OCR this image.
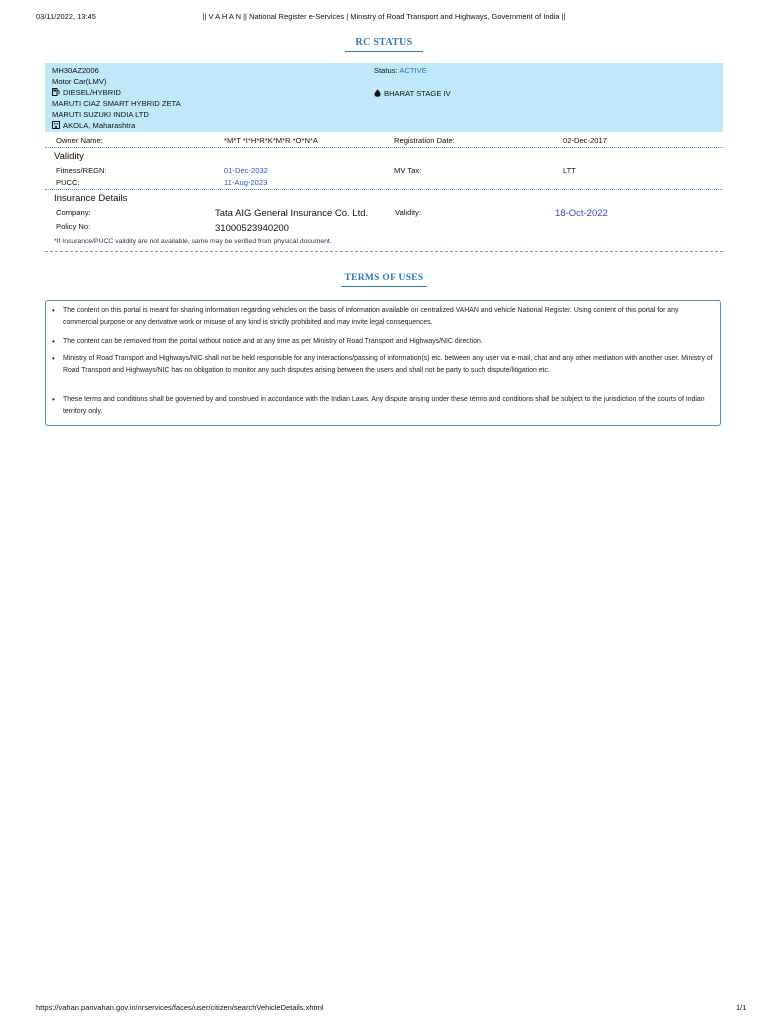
03/11/2022, 13:45	|| V A H A N || National Register e-Services | Ministry of Road Transport and Highways, Government of India ||
RC STATUS
MH30AZ2006
Motor Car(LMV)
DIESEL/HYBRID
MARUTI CIAZ SMART HYBRID ZETA
MARUTI SUZUKI INDIA LTD
AKOLA, Maharashtra
Status: ACTIVE
BHARAT STAGE IV
Owner Name:	*M*T *I*H*R*K*M*R *O*N*A	Registration Date:	02-Dec-2017
Validity
Fitness/REGN:	01-Dec-2032	MV Tax:	LTT
PUCC:	11-Aug-2023
Insurance Details
Company:	Tata AIG General Insurance Co. Ltd.	Validity:	18-Oct-2022
Policy No:	31000523940200
*If Insurance/PUCC validity are not available, same may be verified from physical document.
TERMS OF USES
• The content on this portal is meant for sharing information regarding vehicles on the basis of information available on centralized VAHAN and vehicle National Register. Using content of this portal for any commercial purpose or any derivative work or misuse of any kind is strictly prohibited and may invite legal consequences.
• The content can be removed from the portal without notice and at any time as per Ministry of Road Transport and Highways/NIC direction.
• Ministry of Road Transport and Highways/NIC shall not be held responsible for any interactions/passing of information(s) etc. between any user via e-mail, chat and any other mediation with another user. Ministry of Road Transport and Highways/NIC has no obligation to monitor any such disputes arising between the users and shall not be party to such dispute/litigation etc.
• These terms and conditions shall be governed by and construed in accordance with the Indian Laws. Any dispute arising under these terms and conditions shall be subject to the jurisdiction of the courts of Indian territory only.
https://vahan.parivahan.gov.in/nrservices/faces/user/citizen/searchVehicleDetails.xhtml	1/1
